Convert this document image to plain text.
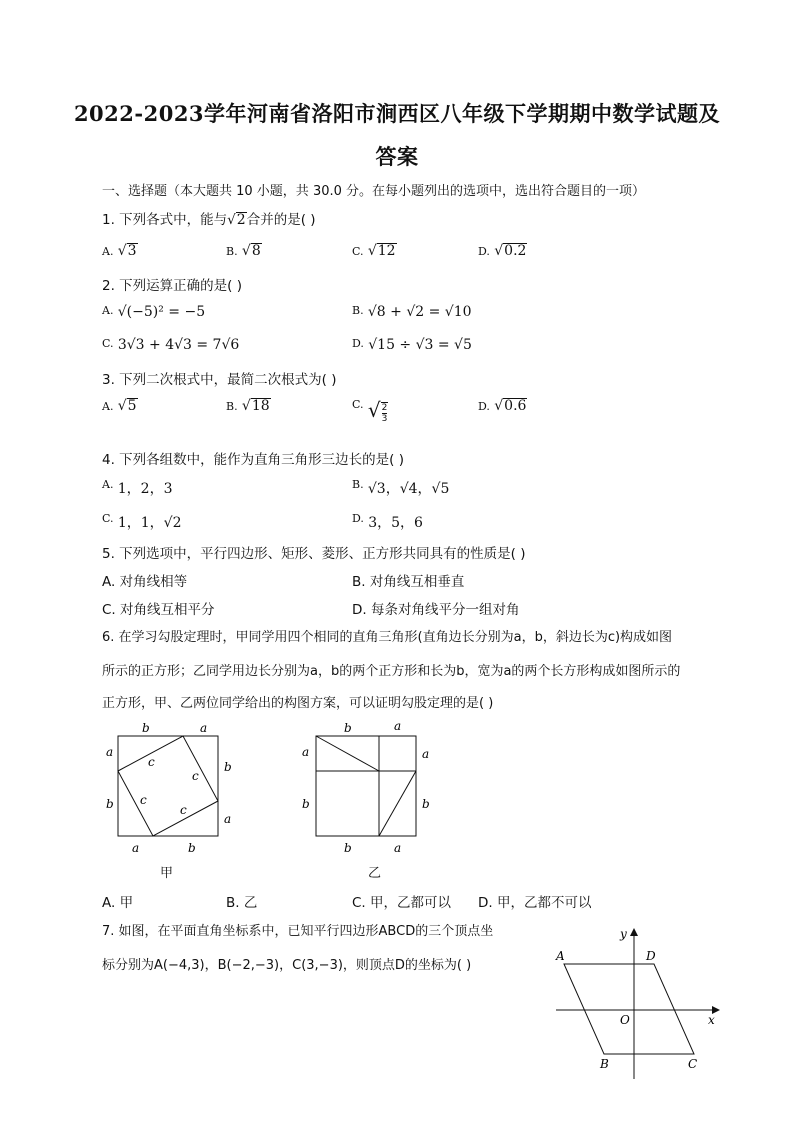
2022-2023学年河南省洛阳市涧西区八年级下学期期中数学试题及
答案
一、选择题（本大题共 10 小题，共 30.0 分。在每小题列出的选项中，选出符合题目的一项）
1. 下列各式中，能与√2合并的是( )
A. √3	B. √8	C. √12	D. √0.2
2. 下列运算正确的是( )
$^{A.}$ √(−5)² = −5	$^{B.}$ √8 + √2 = √10
$^{C.}$ 3√3 + 4√3 = 7√6	$^{D.}$ √15 ÷ √3 = √5
3. 下列二次根式中，最简二次根式为( )
A. √5	B. √18	$^{C.}$ √ $\frac{2}{3}$	D. √0.6
4. 下列各组数中，能作为直角三角形三边长的是( )
$^{A.}$ 1，2，3	$^{B.}$ √3，√4，√5
$^{C.}$ 1，1，√2	$^{D.}$ 3，5，6
5. 下列选项中，平行四边形、矩形、菱形、正方形共同具有的性质是( )
A. 对角线相等	B. 对角线互相垂直
C. 对角线互相平分	D. 每条对角线平分一组对角
6. 在学习勾股定理时，甲同学用四个相同的直角三角形(直角边长分别为a，b，斜边长为c)构成如图
所示的正方形；乙同学用边长分别为a，b的两个正方形和长为b，宽为a的两个长方形构成如图所示的
正方形，甲、乙两位同学给出的构图方案，可以证明勾股定理的是( )
b	a
a
b
b
a
a	b
c
c
c
c
甲
b	a
a
b
a
b
b	a
乙
A. 甲	B. 乙	C. 甲，乙都可以 D. 甲，乙都不可以
7. 如图，在平面直角坐标系中，已知平行四边形ABCD的三个顶点坐
标分别为A(−4,3)，B(−2,−3)，C(3,−3)，则顶点D的坐标为( )
x
y
O
A	D
B	C
